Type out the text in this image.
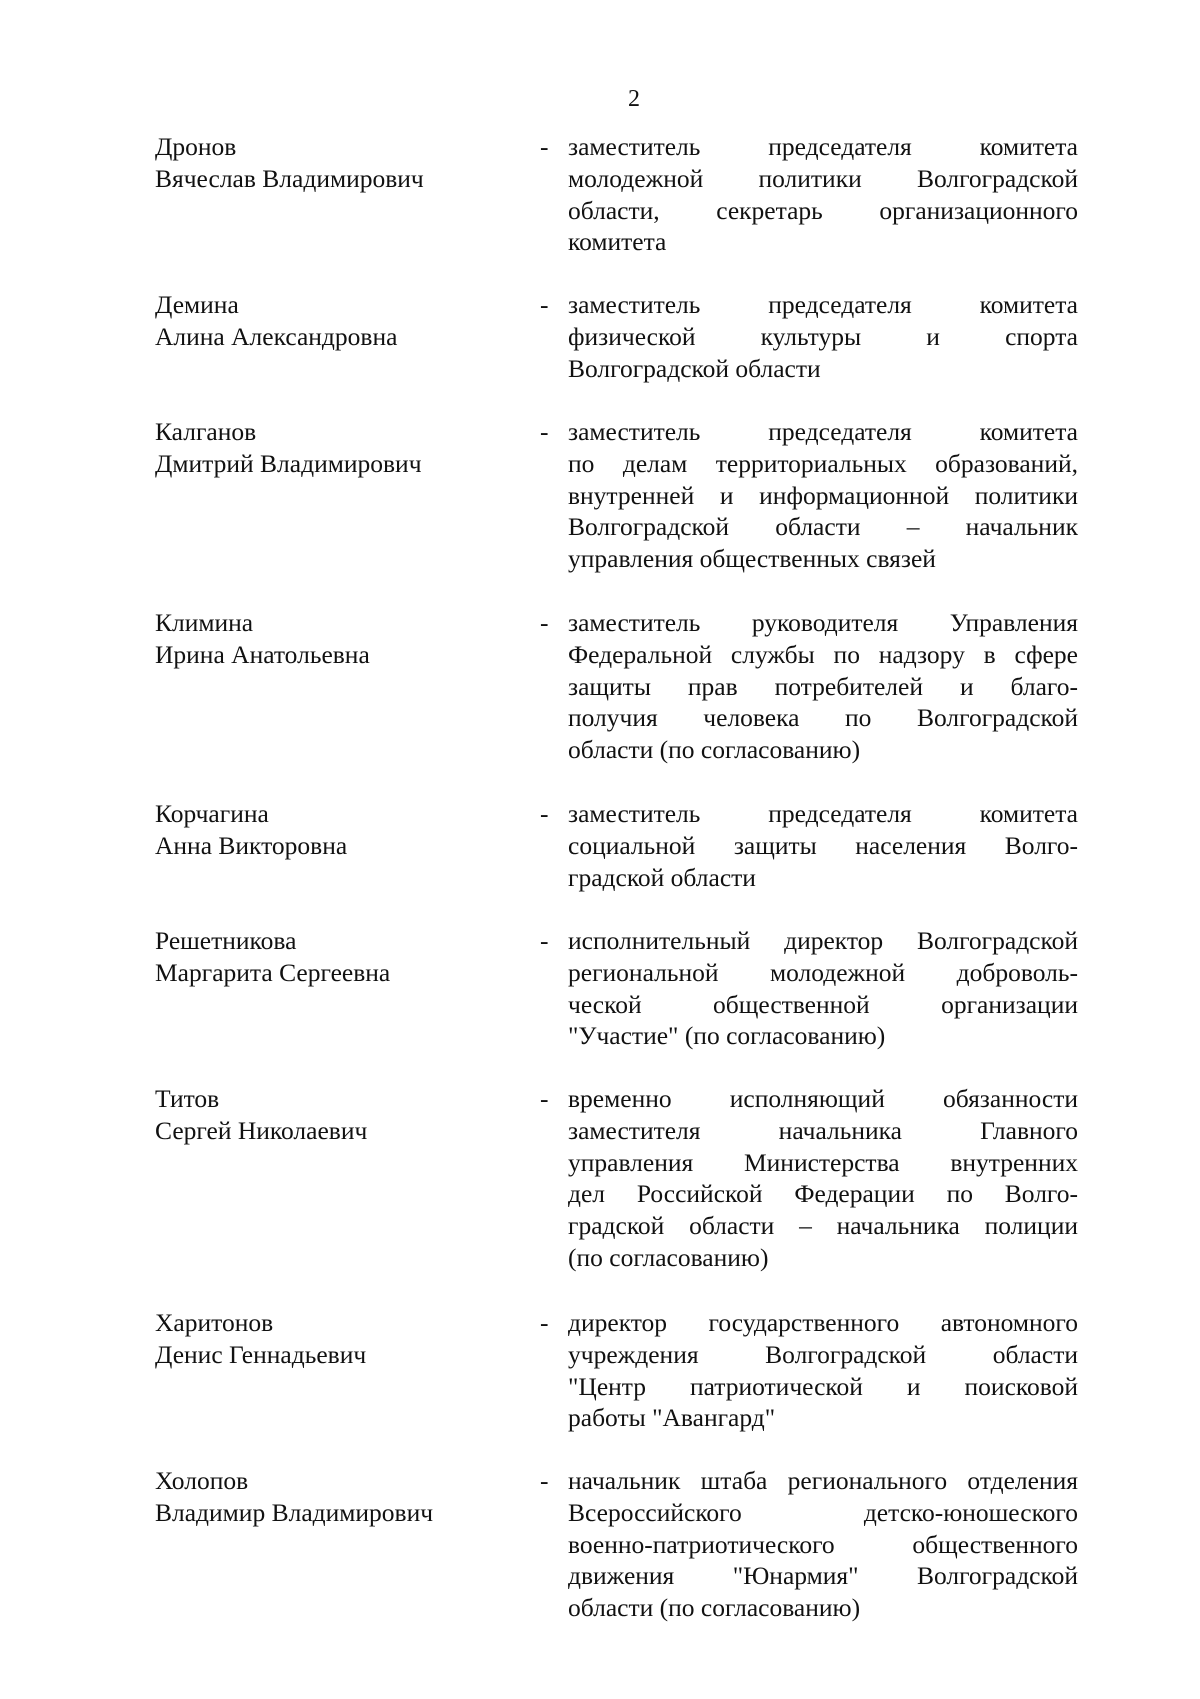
2
Дронов
Вячеслав Владимирович
- заместитель председателя комитета
молодежной политики Волгоградской
области, секретарь организационного
комитета
Демина
Алина Александровна
- заместитель председателя комитета
физической культуры и спорта
Волгоградской области
Калганов
Дмитрий Владимирович
- заместитель председателя комитета
по делам территориальных образований,
внутренней и информационной политики
Волгоградской области – начальник
управления общественных связей
Климина
Ирина Анатольевна
- заместитель руководителя Управления
Федеральной службы по надзору в сфере
защиты прав потребителей и благо-
получия человека по Волгоградской
области (по согласованию)
Корчагина
Анна Викторовна
- заместитель председателя комитета
социальной защиты населения Волго-
градской области
Решетникова
Маргарита Сергеевна
- исполнительный директор Волгоградской
региональной молодежной доброволь-
ческой общественной организации
"Участие" (по согласованию)
Титов
Сергей Николаевич
- временно исполняющий обязанности
заместителя начальника Главного
управления Министерства внутренних
дел Российской Федерации по Волго-
градской области – начальника полиции
(по согласованию)
Харитонов
Денис Геннадьевич
- директор государственного автономного
учреждения Волгоградской области
"Центр патриотической и поисковой
работы "Авангард"
Холопов
Владимир Владимирович
- начальник штаба регионального отделения
Всероссийского детско-юношеского
военно-патриотического общественного
движения "Юнармия" Волгоградской
области (по согласованию)
